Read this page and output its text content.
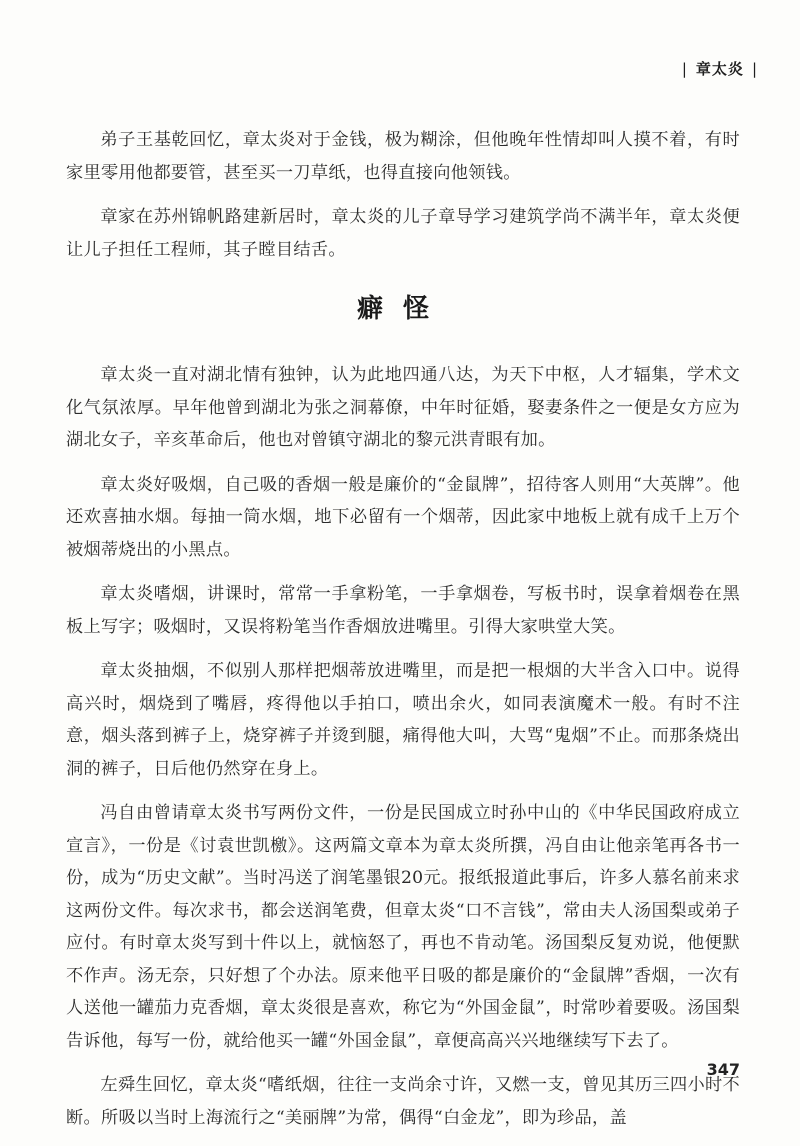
| 章太炎 |

弟子王基乾回忆，章太炎对于金钱，极为糊涂，但他晚年性情却叫人摸不着，有时家里零用他都要管，甚至买一刀草纸，也得直接向他领钱。

章家在苏州锦帆路建新居时，章太炎的儿子章导学习建筑学尚不满半年，章太炎便让儿子担任工程师，其子瞠目结舌。

癖怪

章太炎一直对湖北情有独钟，认为此地四通八达，为天下中枢，人才辐集，学术文化气氛浓厚。早年他曾到湖北为张之洞幕僚，中年时征婚，娶妻条件之一便是女方应为湖北女子，辛亥革命后，他也对曾镇守湖北的黎元洪青眼有加。

章太炎好吸烟，自己吸的香烟一般是廉价的“金鼠牌”，招待客人则用“大英牌”。他还欢喜抽水烟。每抽一筒水烟，地下必留有一个烟蒂，因此家中地板上就有成千上万个被烟蒂烧出的小黑点。

章太炎嗜烟，讲课时，常常一手拿粉笔，一手拿烟卷，写板书时，误拿着烟卷在黑板上写字；吸烟时，又误将粉笔当作香烟放进嘴里。引得大家哄堂大笑。

章太炎抽烟，不似别人那样把烟蒂放进嘴里，而是把一根烟的大半含入口中。说得高兴时，烟烧到了嘴唇，疼得他以手拍口，喷出余火，如同表演魔术一般。有时不注意，烟头落到裤子上，烧穿裤子并烫到腿，痛得他大叫，大骂“鬼烟”不止。而那条烧出洞的裤子，日后他仍然穿在身上。

冯自由曾请章太炎书写两份文件，一份是民国成立时孙中山的《中华民国政府成立宣言》，一份是《讨袁世凯檄》。这两篇文章本为章太炎所撰，冯自由让他亲笔再各书一份，成为“历史文献”。当时冯送了润笔墨银20元。报纸报道此事后，许多人慕名前来求这两份文件。每次求书，都会送润笔费，但章太炎“口不言钱”，常由夫人汤国梨或弟子应付。有时章太炎写到十件以上，就恼怒了，再也不肯动笔。汤国梨反复劝说，他便默不作声。汤无奈，只好想了个办法。原来他平日吸的都是廉价的“金鼠牌”香烟，一次有人送他一罐茄力克香烟，章太炎很是喜欢，称它为“外国金鼠”，时常吵着要吸。汤国梨告诉他，每写一份，就给他买一罐“外国金鼠”，章便高高兴兴地继续写下去了。

左舜生回忆，章太炎“嗜纸烟，往往一支尚余寸许，又燃一支，曾见其历三四小时不断。所吸以当时上海流行之“美丽牌”为常，偶得“白金龙”，即为珍品，盖

347
